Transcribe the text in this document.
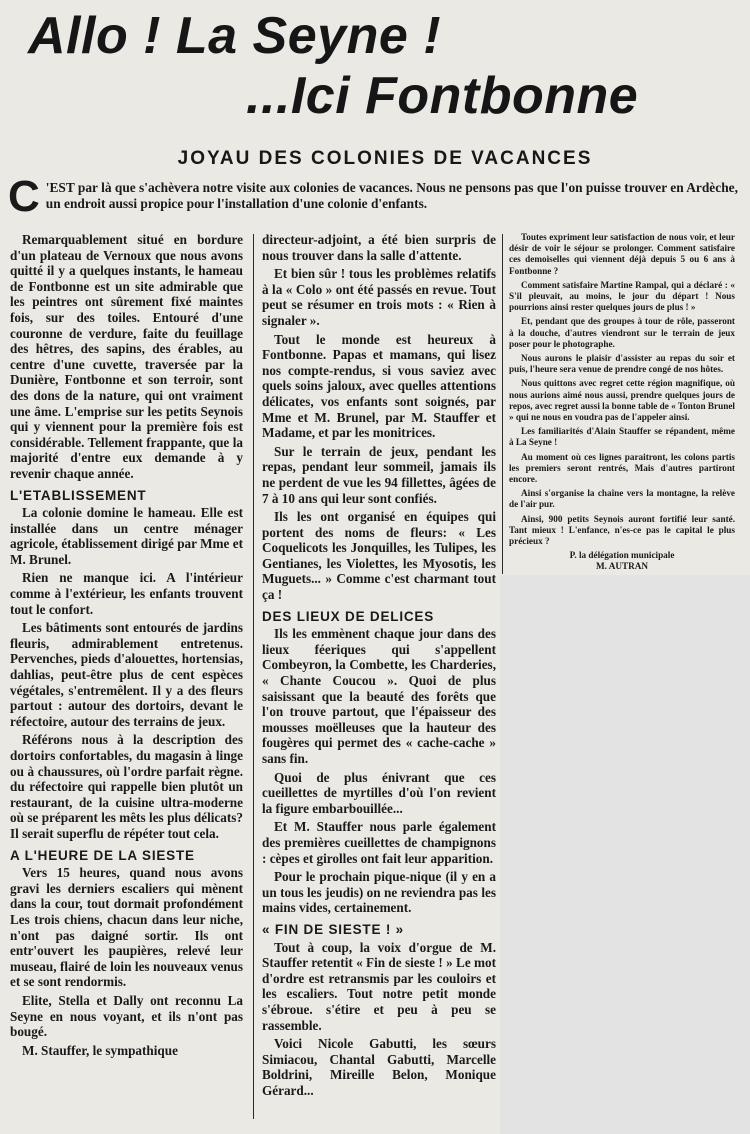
Allo ! La Seyne !
...Ici Fontbonne
JOYAU DES COLONIES DE VACANCES
C 'EST par là que s'achèvera notre visite aux colonies de vacances. Nous ne pensons pas que l'on puisse trouver en Ardèche, un endroit aussi propice pour l'installation d'une colonie d'enfants.

Remarquablement situé en bordure d'un plateau de Vernoux que nous avons quitté il y a quelques instants, le hameau de Fontbonne est un site admirable que les peintres ont sûrement fixé maintes fois, sur des toiles. Entouré d'une couronne de verdure, faite du feuillage des hêtres, des sapins, des érables, au centre d'une cuvette, traversée par la Dunière, Fontbonne et son terroir, sont des dons de la nature, qui ont vraiment une âme. L'emprise sur les petits Seynois qui y viennent pour la première fois est considérable. Tellement frappante, que la majorité d'entre eux demande à y revenir chaque année.

L'ETABLISSEMENT

La colonie domine le hameau. Elle est installée dans un centre ménager agricole, établissement dirigé par Mme et M. Brunel.

Rien ne manque ici. A l'intérieur comme à l'extérieur, les enfants trouvent tout le confort.

Les bâtiments sont entourés de jardins fleuris, admirablement entretenus. Pervenches, pieds d'alouettes, hortensias, dahlias, peut-être plus de cent espèces végétales, s'entremêlent. Il y a des fleurs partout : autour des dortoirs, devant le réfectoire, autour des terrains de jeux.

Référons nous à la description des dortoirs confortables, du magasin à linge ou à chaussures, où l'ordre parfait règne. du réfectoire qui rappelle bien plutôt un restaurant, de la cuisine ultra-moderne où se préparent les mêts les plus délicats? Il serait superflu de répéter tout cela.

A L'HEURE DE LA SIESTE

Vers 15 heures, quand nous avons gravi les derniers escaliers qui mènent dans la cour, tout dormait profondément Les trois chiens, chacun dans leur niche, n'ont pas daigné sortir. Ils ont entr'ouvert les paupières, relevé leur museau, flairé de loin les nouveaux venus et se sont rendormis.

Elite, Stella et Dally ont reconnu La Seyne en nous voyant, et ils n'ont pas bougé.

M. Stauffer, le sympathique

directeur-adjoint, a été bien surpris de nous trouver dans la salle d'attente.

Et bien sûr ! tous les problèmes relatifs à la « Colo » ont été passés en revue. Tout peut se résumer en trois mots : « Rien à signaler ».

Tout le monde est heureux à Fontbonne. Papas et mamans, qui lisez nos compte-rendus, si vous saviez avec quels soins jaloux, avec quelles attentions délicates, vos enfants sont soignés, par Mme et M. Brunel, par M. Stauffer et Madame, et par les monitrices.

Sur le terrain de jeux, pendant les repas, pendant leur sommeil, jamais ils ne perdent de vue les 94 fillettes, âgées de 7 à 10 ans qui leur sont confiés.

Ils les ont organisé en équipes qui portent des noms de fleurs: « Les Coquelicots les Jonquilles, les Tulipes, les Gentianes, les Violettes, les Myosotis, les Muguets... » Comme c'est charmant tout ça !

DES LIEUX DE DELICES

Ils les emmènent chaque jour dans des lieux féeriques qui s'appellent Combeyron, la Combette, les Charderies, « Chante Coucou ». Quoi de plus saisissant que la beauté des forêts que l'on trouve partout, que l'épaisseur des mousses moëlleuses que la hauteur des fougères qui permet des « cache-cache » sans fin.

Quoi de plus énivrant que ces cueillettes de myrtilles d'où l'on revient la figure embarbouillée...

Et M. Stauffer nous parle également des premières cueillettes de champignons : cèpes et girolles ont fait leur apparition.

Pour le prochain pique-nique (il y en a un tous les jeudis) on ne reviendra pas les mains vides, certainement.

« FIN DE SIESTE ! »

Tout à coup, la voix d'orgue de M. Stauffer retentit « Fin de sieste ! » Le mot d'ordre est retransmis par les couloirs et les escaliers. Tout notre petit monde s'ébroue. s'étire et peu à peu se rassemble.

Voici Nicole Gabutti, les sœurs Simiacou, Chantal Gabutti, Marcelle Boldrini, Mireille Belon, Monique Gérard...

Toutes expriment leur satisfaction de nous voir, et leur désir de voir le séjour se prolonger. Comment satisfaire ces demoiselles qui viennent déjà depuis 5 ou 6 ans à Fontbonne ?

Comment satisfaire Martine Rampal, qui a déclaré : « S'il pleuvait, au moins, le jour du départ ! Nous pourrions ainsi rester quelques jours de plus ! »

Et, pendant que des groupes à tour de rôle, passeront à la douche, d'autres viendront sur le terrain de jeux poser pour le photographe.

Nous aurons le plaisir d'assister au repas du soir et puis, l'heure sera venue de prendre congé de nos hôtes.

Nous quittons avec regret cette région magnifique, où nous aurions aimé nous aussi, prendre quelques jours de repos, avec regret aussi la bonne table de « Tonton Brunel » qui ne nous en voudra pas de l'appeler ainsi.

Les familiarités d'Alain Stauffer se répandent, même à La Seyne !

Au moment où ces lignes paraitront, les colons partis les premiers seront rentrés, Mais d'autres partiront encore.

Ainsi s'organise la chaîne vers la montagne, la relève de l'air pur.

Ainsi, 900 petits Seynois auront fortifié leur santé. Tant mieux ! L'enfance, n'es-ce pas le capital le plus précieux ?

P. la délégation municipale

M. AUTRAN
